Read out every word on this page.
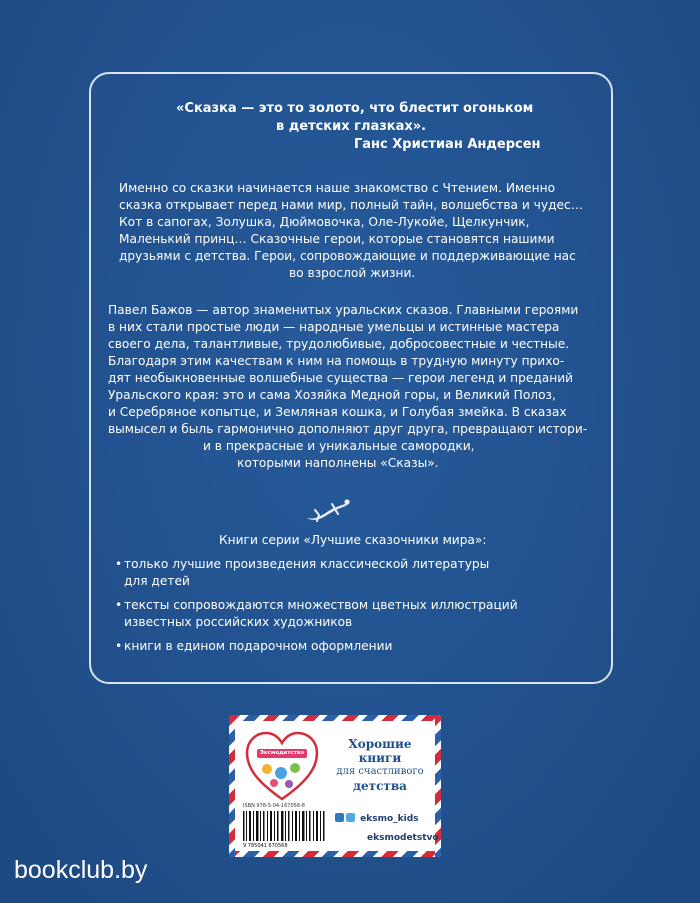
«Сказка — это то золото, что блестит огоньком
в детских глазках».
Ганс Христиан Андерсен
Именно со сказки начинается наше знакомство с Чтением. Именно
сказка открывает перед нами мир, полный тайн, волшебства и чудес…
Кот в сапогах, Золушка, Дюймовочка, Оле-Лукойе, Щелкунчик,
Маленький принц… Сказочные герои, которые становятся нашими
друзьями с детства. Герои, сопровождающие и поддерживающие нас
во взрослой жизни.
Павел Бажов — автор знаменитых уральских сказов. Главными героями
в них стали простые люди — народные умельцы и истинные мастера
своего дела, талантливые, трудолюбивые, добросовестные и честные.
Благодаря этим качествам к ним на помощь в трудную минуту прихо-
дят необыкновенные волшебные существа — герои легенд и преданий
Уральского края: это и сама Хозяйка Медной горы, и Великий Полоз,
и Серебряное копытце, и Земляная кошка, и Голубая змейка. В сказах
вымысел и быль гармонично дополняют друг друга, превращают истори-
и в прекрасные и уникальные самородки,
которыми наполнены «Сказы».
Книги серии «Лучшие сказочники мира»:
• только лучшие произведения классической литературы
для детей
• тексты сопровождаются множеством цветных иллюстраций
известных российских художников
• книги в едином подарочном оформлении
Эксмодетство
Хорошие
книги
для счастливого
детства
ISBN 978-5-04-167056-8
9 785041 670568
eksmo_kids
eksmodetstvo
bookclub.by
